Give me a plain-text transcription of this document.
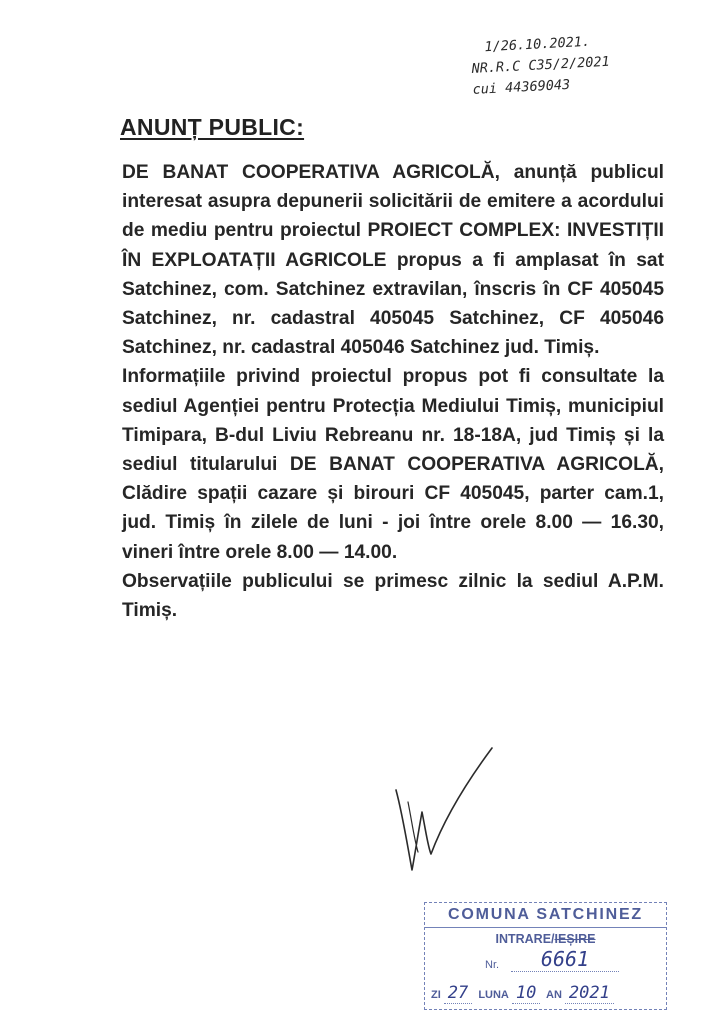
1/26.10.2021.
NR.R.C C35/2/2021
cui 44369043
ANUNȚ PUBLIC:

DE BANAT COOPERATIVA AGRICOLĂ, anunță publicul interesat asupra depunerii solicitării de emitere a acordului de mediu pentru proiectul PROIECT COMPLEX: INVESTIȚII ÎN EXPLOATAȚII AGRICOLE propus a fi amplasat în sat Satchinez, com. Satchinez extravilan, înscris în CF 405045 Satchinez, nr. cadastral 405045 Satchinez, CF 405046 Satchinez, nr. cadastral 405046 Satchinez jud. Timiș.

Informațiile privind proiectul propus pot fi consultate la sediul Agenției pentru Protecția Mediului Timiș, municipiul Timipara, B-dul Liviu Rebreanu nr. 18-18A, jud Timiș și la sediul titularului DE BANAT COOPERATIVA AGRICOLĂ, Clădire spații cazare și birouri CF 405045, parter cam.1, jud. Timiș în zilele de luni - joi între orele 8.00 — 16.30, vineri între orele 8.00 — 14.00.

Observațiile publicului se primesc zilnic la sediul A.P.M. Timiș.

COMUNA SATCHINEZ
INTRARE/IEȘIRE
Nr.	6661
ZI 27 LUNA 10 AN 2021
